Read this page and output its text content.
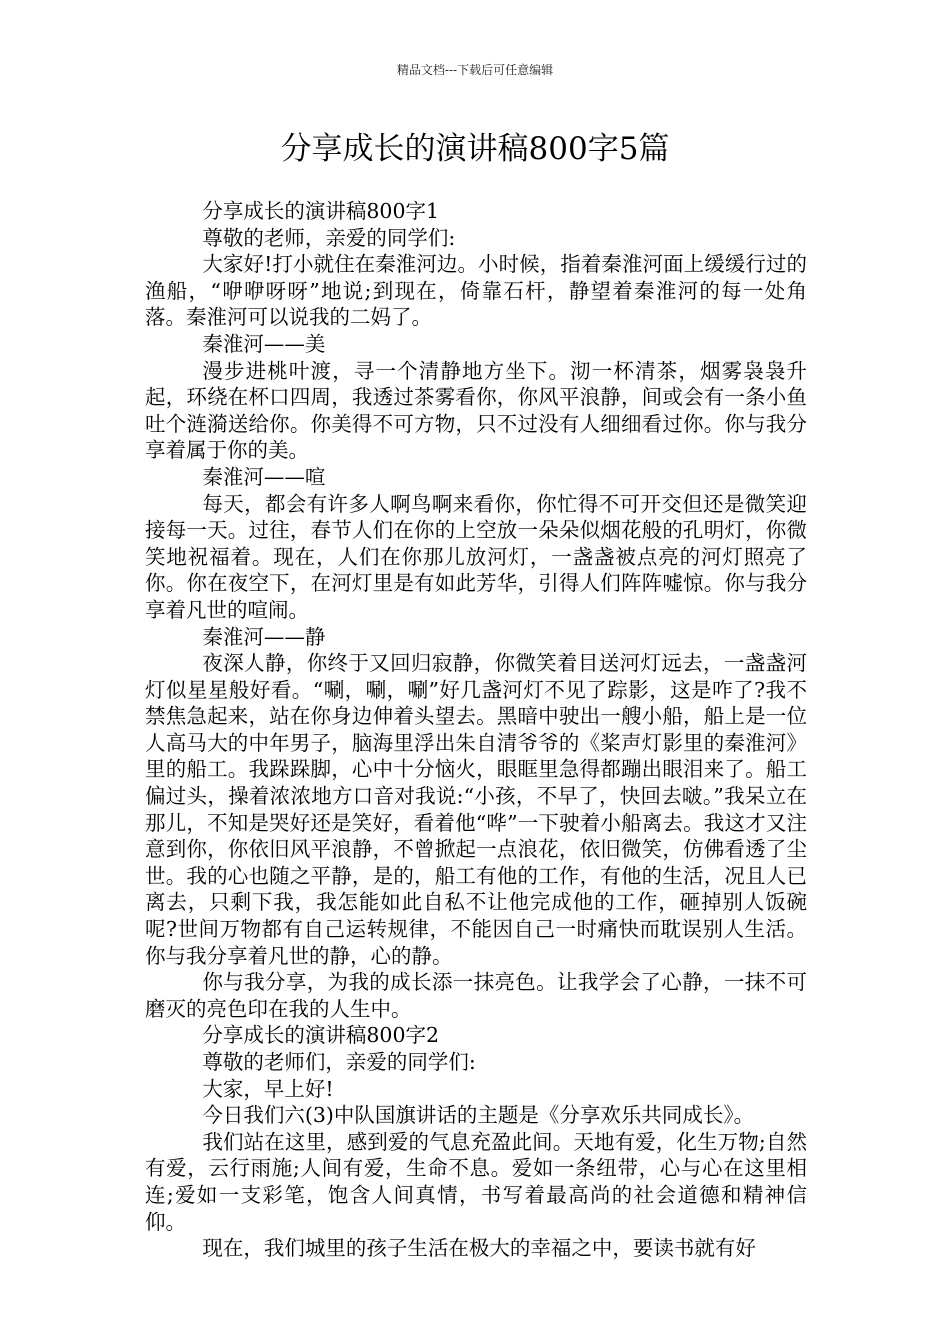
精品文档---下载后可任意编辑
分享成长的演讲稿800字5篇

分享成长的演讲稿800字1

尊敬的老师，亲爱的同学们:

大家好!打小就住在秦淮河边。小时候，指着秦淮河面上缓缓行过的渔船，“咿咿呀呀”地说;到现在，倚靠石杆，静望着秦淮河的每一处角落。秦淮河可以说我的二妈了。

秦淮河——美

漫步进桃叶渡，寻一个清静地方坐下。沏一杯清茶，烟雾袅袅升起，环绕在杯口四周，我透过茶雾看你，你风平浪静，间或会有一条小鱼吐个涟漪送给你。你美得不可方物，只不过没有人细细看过你。你与我分享着属于你的美。

秦淮河——喧

每天，都会有许多人啊鸟啊来看你，你忙得不可开交但还是微笑迎接每一天。过往，春节人们在你的上空放一朵朵似烟花般的孔明灯，你微笑地祝福着。现在，人们在你那儿放河灯，一盏盏被点亮的河灯照亮了你。你在夜空下，在河灯里是有如此芳华，引得人们阵阵嘘惊。你与我分享着凡世的喧闹。

秦淮河——静

夜深人静，你终于又回归寂静，你微笑着目送河灯远去，一盏盏河灯似星星般好看。“唰，唰，唰”好几盏河灯不见了踪影，这是咋了?我不禁焦急起来，站在你身边伸着头望去。黑暗中驶出一艘小船，船上是一位人高马大的中年男子，脑海里浮出朱自清爷爷的《桨声灯影里的秦淮河》里的船工。我跺跺脚，心中十分恼火，眼眶里急得都蹦出眼泪来了。船工偏过头，操着浓浓地方口音对我说:“小孩，不早了，快回去啵。”我呆立在那儿，不知是哭好还是笑好，看着他“哗”一下驶着小船离去。我这才又注意到你，你依旧风平浪静，不曾掀起一点浪花，依旧微笑，仿佛看透了尘世。我的心也随之平静，是的，船工有他的工作，有他的生活，况且人已离去，只剩下我，我怎能如此自私不让他完成他的工作，砸掉别人饭碗呢?世间万物都有自己运转规律，不能因自己一时痛快而耽误别人生活。你与我分享着凡世的静，心的静。

你与我分享，为我的成长添一抹亮色。让我学会了心静，一抹不可磨灭的亮色印在我的人生中。

分享成长的演讲稿800字2

尊敬的老师们，亲爱的同学们:

大家，早上好!

今日我们六(3)中队国旗讲话的主题是《分享欢乐共同成长》。

我们站在这里，感到爱的气息充盈此间。天地有爱，化生万物;自然有爱，云行雨施;人间有爱，生命不息。爱如一条纽带，心与心在这里相连;爱如一支彩笔，饱含人间真情，书写着最高尚的社会道德和精神信仰。

现在，我们城里的孩子生活在极大的幸福之中，要读书就有好
